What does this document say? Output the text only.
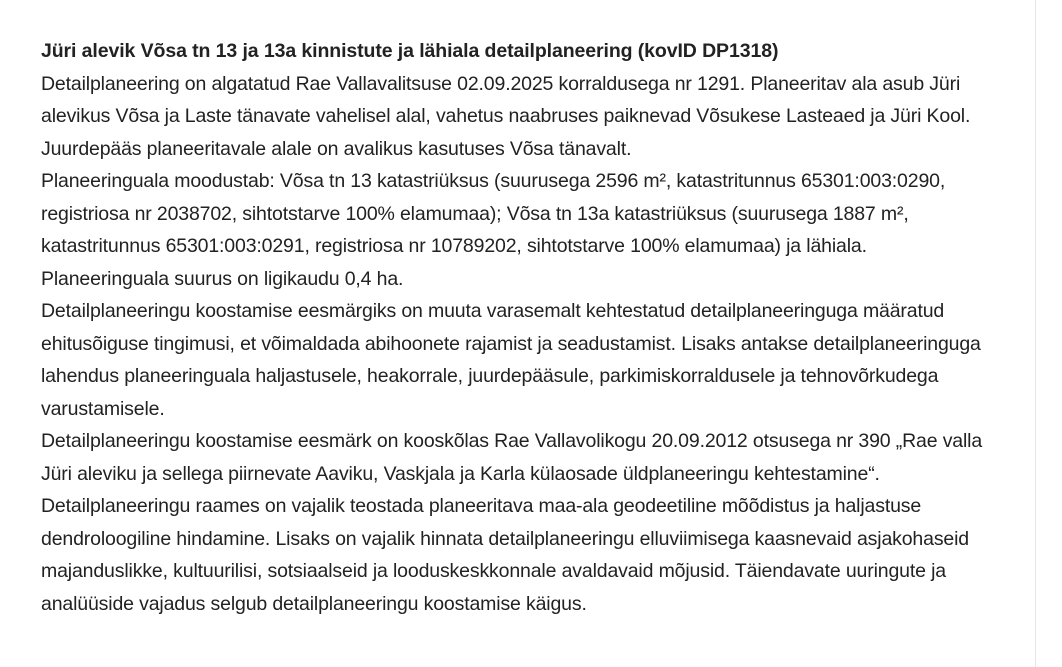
Jüri alevik Võsa tn 13 ja 13a kinnistute ja lähiala detailplaneering (kovID DP1318)

Detailplaneering on algatatud Rae Vallavalitsuse 02.09.2025 korraldusega nr 1291. Planeeritav ala asub Jüri alevikus Võsa ja Laste tänavate vahelisel alal, vahetus naabruses paiknevad Võsukese Lasteaed ja Jüri Kool. Juurdepääs planeeritavale alale on avalikus kasutuses Võsa tänavalt.

Planeeringuala moodustab: Võsa tn 13 katastriüksus (suurusega 2596 m², katastritunnus 65301:003:0290, registriosa nr 2038702, sihtotstarve 100% elamumaa); Võsa tn 13a katastriüksus (suurusega 1887 m², katastritunnus 65301:003:0291, registriosa nr 10789202, sihtotstarve 100% elamumaa) ja lähiala. Planeeringuala suurus on ligikaudu 0,4 ha.

Detailplaneeringu koostamise eesmärgiks on muuta varasemalt kehtestatud detailplaneeringuga määratud ehitusõiguse tingimusi, et võimaldada abihoonete rajamist ja seadustamist. Lisaks antakse detailplaneeringuga lahendus planeeringuala haljastusele, heakorrale, juurdepääsule, parkimiskorraldusele ja tehnovõrkudega varustamisele.

Detailplaneeringu koostamise eesmärk on kooskõlas Rae Vallavolikogu 20.09.2012 otsusega nr 390 „Rae valla Jüri aleviku ja sellega piirnevate Aaviku, Vaskjala ja Karla külaosade üldplaneeringu kehtestamine“.

Detailplaneeringu raames on vajalik teostada planeeritava maa-ala geodeetiline mõõdistus ja haljastuse dendroloogiline hindamine. Lisaks on vajalik hinnata detailplaneeringu elluviimisega kaasnevaid asjakohaseid majanduslikke, kultuurilisi, sotsiaalseid ja looduskeskkonnale avaldavaid mõjusid. Täiendavate uuringute ja analüüside vajadus selgub detailplaneeringu koostamise käigus.
